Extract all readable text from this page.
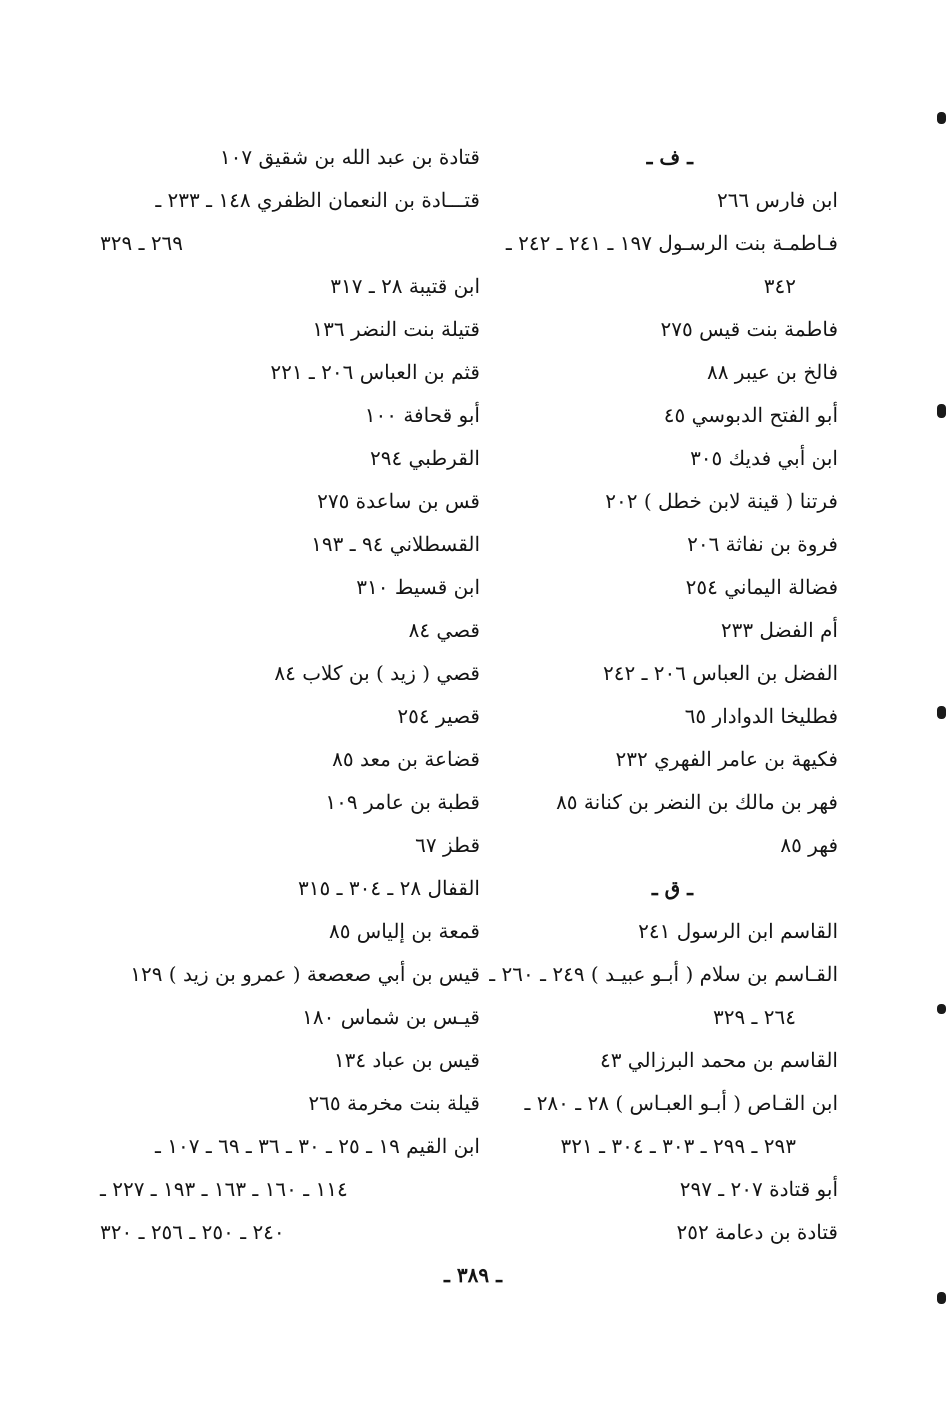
ـ ف ـ
ابن فارس ٢٦٦
فـاطمـة بنت الرسـول ١٩٧ ـ ٢٤١ ـ ٢٤٢ ـ
٣٤٢
فاطمة بنت قيس ٢٧٥
فالخ بن عيبر ٨٨
أبو الفتح الدبوسي ٤٥
ابن أبي فديك ٣٠٥
فرتنا ( قينة لابن خطل ) ٢٠٢
فروة بن نفاثة ٢٠٦
فضالة اليماني ٢٥٤
أم الفضل ٢٣٣
الفضل بن العباس ٢٠٦ ـ ٢٤٢
فطليخا الدوادار ٦٥
فكيهة بن عامر الفهري ٢٣٢
فهر بن مالك بن النضر بن كنانة ٨٥
فهر ٨٥
ـ ق ـ
القاسم ابن الرسول ٢٤١
القـاسم بن سلام ( أبـو عبيـد ) ٢٤٩ ـ ٢٦٠ ـ
٢٦٤ ـ ٣٢٩
القاسم بن محمد البرزالي ٤٣
ابن القـاص ( أبـو العبـاس ) ٢٨ ـ ٢٨٠ ـ
٢٩٣ ـ ٢٩٩ ـ ٣٠٣ ـ ٣٠٤ ـ ٣٢١
أبو قتادة ٢٠٧ ـ ٢٩٧
قتادة بن دعامة ٢٥٢
قتادة بن عبد الله بن شقيق ١٠٧
قتـــادة بن النعمان الظفري ١٤٨ ـ ٢٣٣ ـ
٢٦٩ ـ ٣٢٩
ابن قتيبة ٢٨ ـ ٣١٧
قتيلة بنت النضر ١٣٦
قثم بن العباس ٢٠٦ ـ ٢٢١
أبو قحافة ١٠٠
القرطبي ٢٩٤
قس بن ساعدة ٢٧٥
القسطلاني ٩٤ ـ ١٩٣
ابن قسيط ٣١٠
قصي ٨٤
قصي ( زيد ) بن كلاب ٨٤
قصير ٢٥٤
قضاعة بن معد ٨٥
قطبة بن عامر ١٠٩
قطز ٦٧
القفال ٢٨ ـ ٣٠٤ ـ ٣١٥
قمعة بن إلياس ٨٥
قيس بن أبي صعصعة ( عمرو بن زيد ) ١٢٩
قيـس بن شماس ١٨٠
قيس بن عباد ١٣٤
قيلة بنت مخرمة ٢٦٥
ابن القيم ١٩ ـ ٢٥ ـ ٣٠ ـ ٣٦ ـ ٦٩ ـ ١٠٧ ـ
١١٤ ـ ١٦٠ ـ ١٦٣ ـ ١٩٣ ـ ٢٢٧ ـ
٢٤٠ ـ ٢٥٠ ـ ٢٥٦ ـ ٣٢٠
ـ ٣٨٩ ـ
